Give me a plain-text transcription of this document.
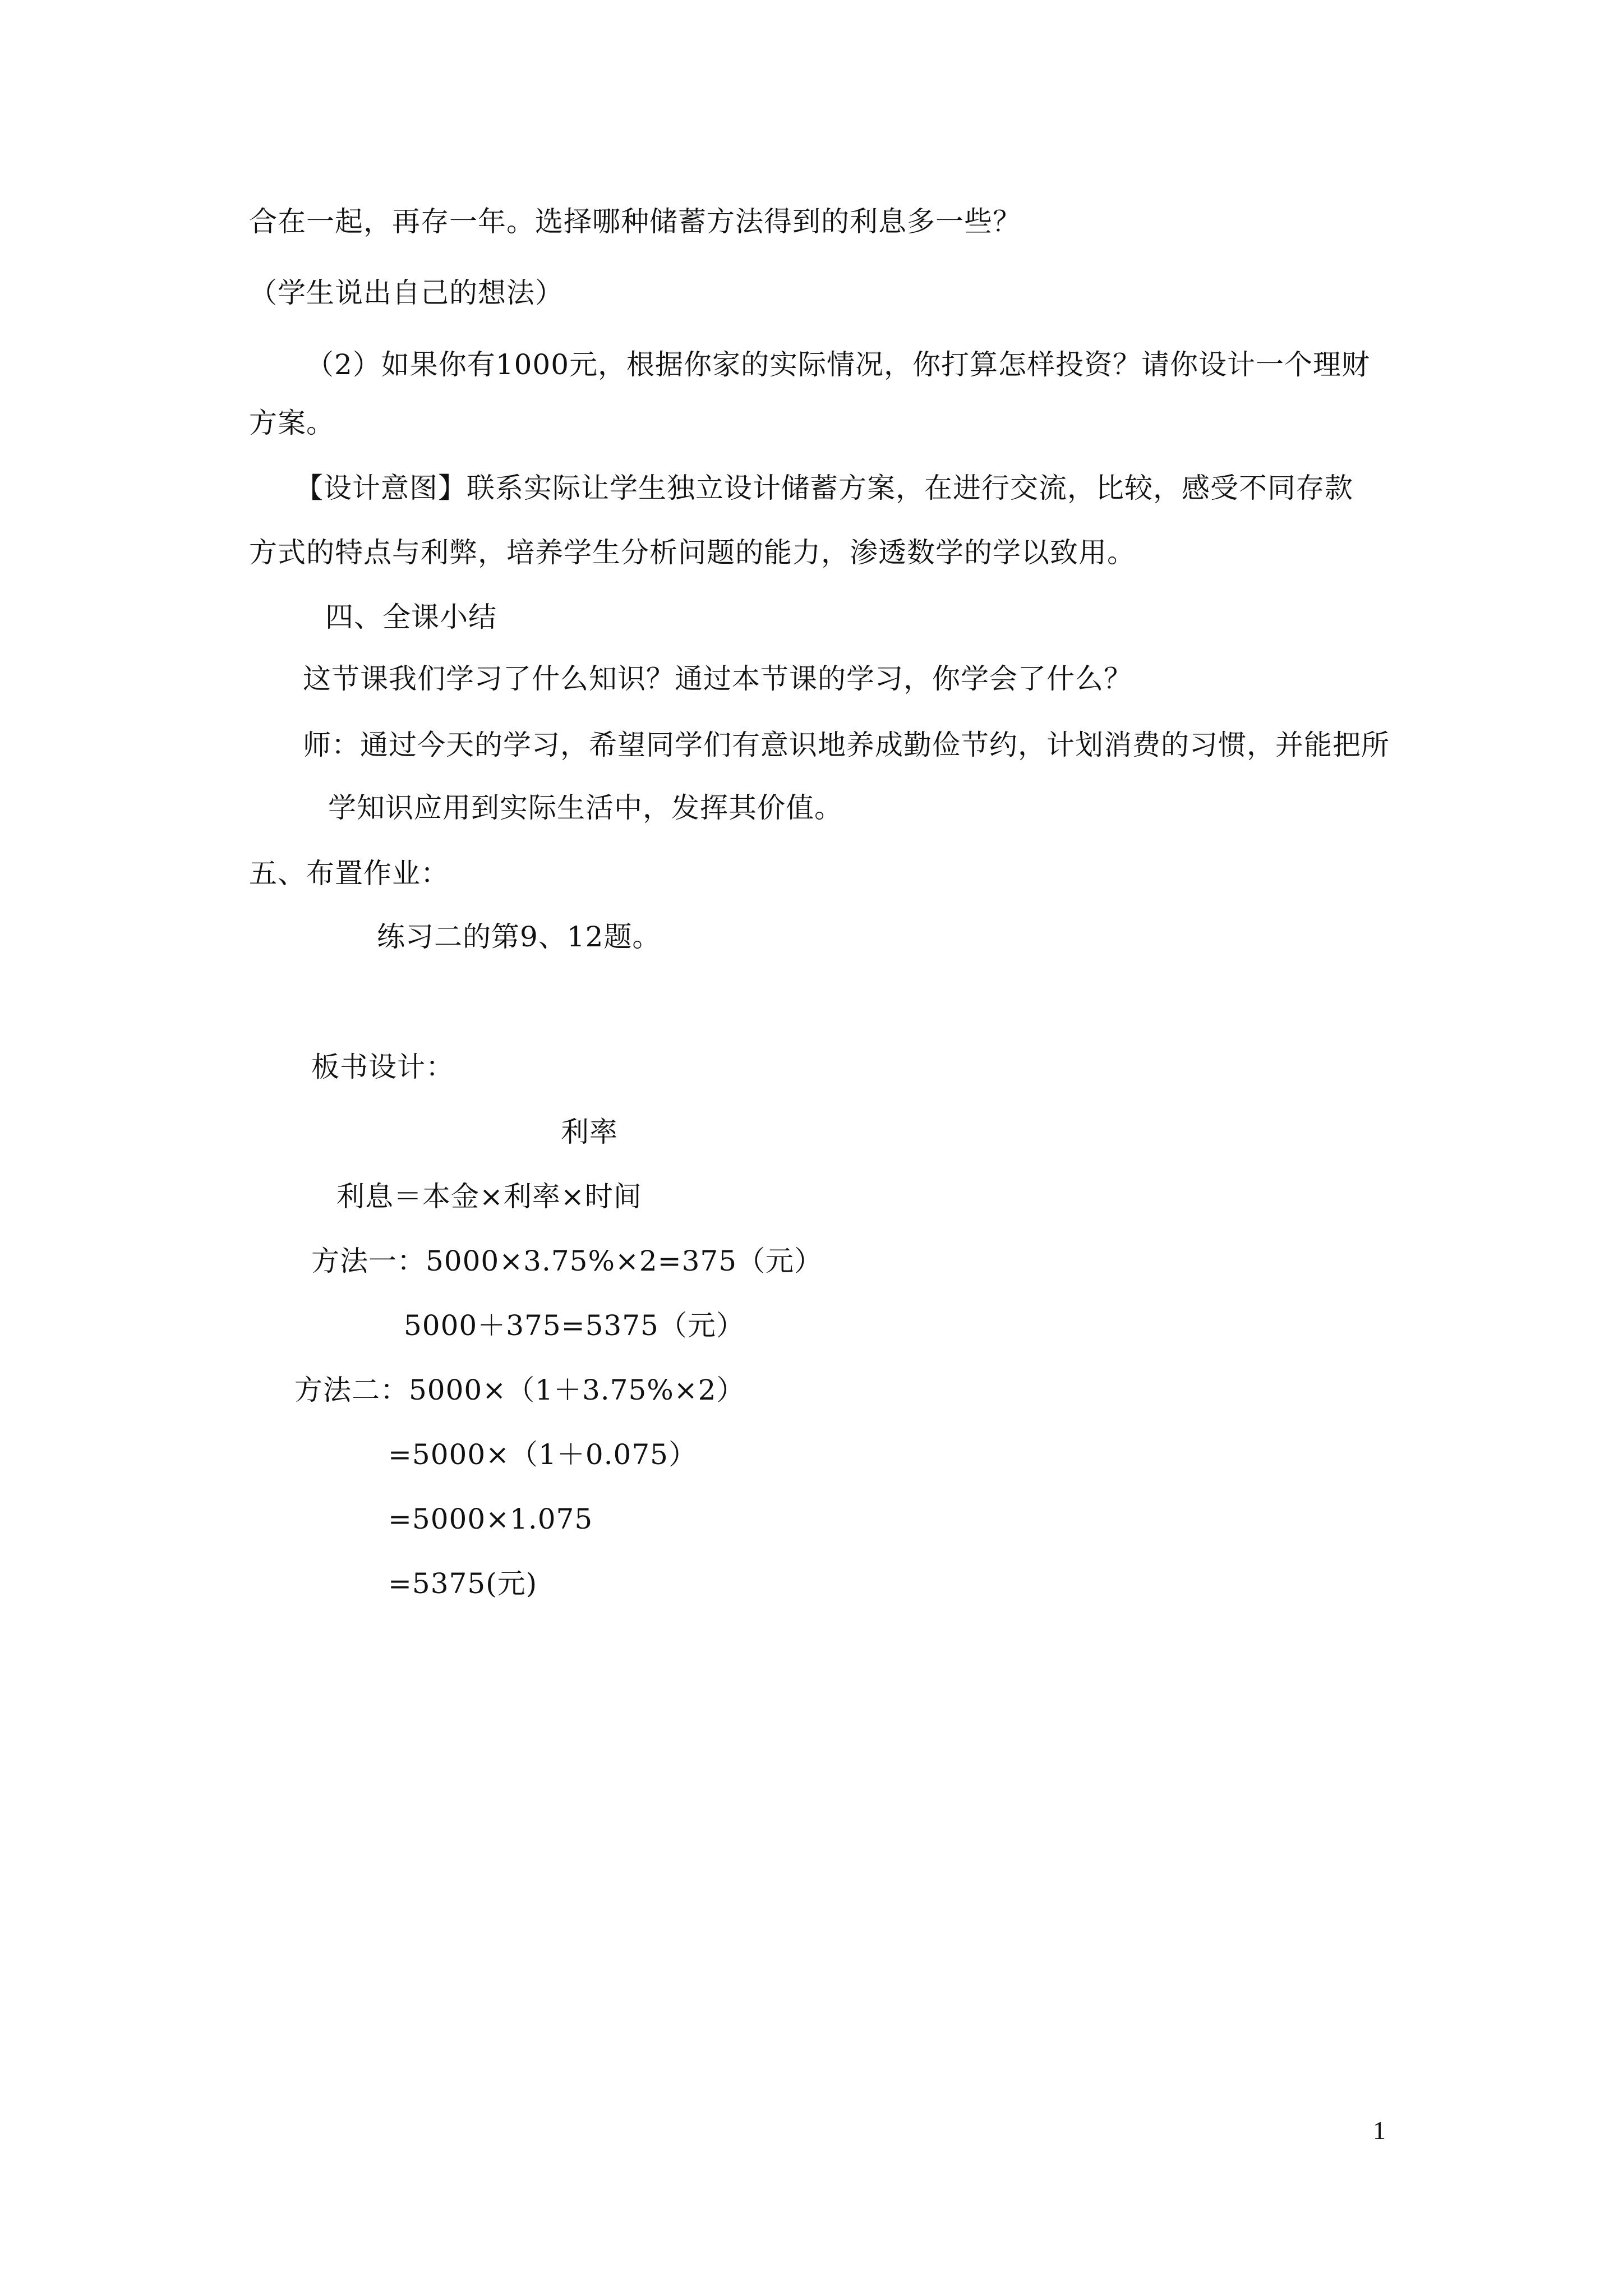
合在一起，再存一年。选择哪种储蓄方法得到的利息多一些？
（学生说出自己的想法）
（2）如果你有1000元，根据你家的实际情况，你打算怎样投资？请你设计一个理财
方案。
【设计意图】联系实际让学生独立设计储蓄方案，在进行交流，比较，感受不同存款
方式的特点与利弊，培养学生分析问题的能力，渗透数学的学以致用。
四、全课小结
这节课我们学习了什么知识？通过本节课的学习，你学会了什么？
师：通过今天的学习，希望同学们有意识地养成勤俭节约，计划消费的习惯，并能把所
学知识应用到实际生活中，发挥其价值。
五、布置作业：
练习二的第9、12题。
板书设计：
利率
利息＝本金×利率×时间
方法一：5000×3.75%×2=375（元）
5000＋375=5375（元）
方法二：5000×（1＋3.75%×2）
=5000×（1＋0.075）
=5000×1.075
=5375(元)
1
